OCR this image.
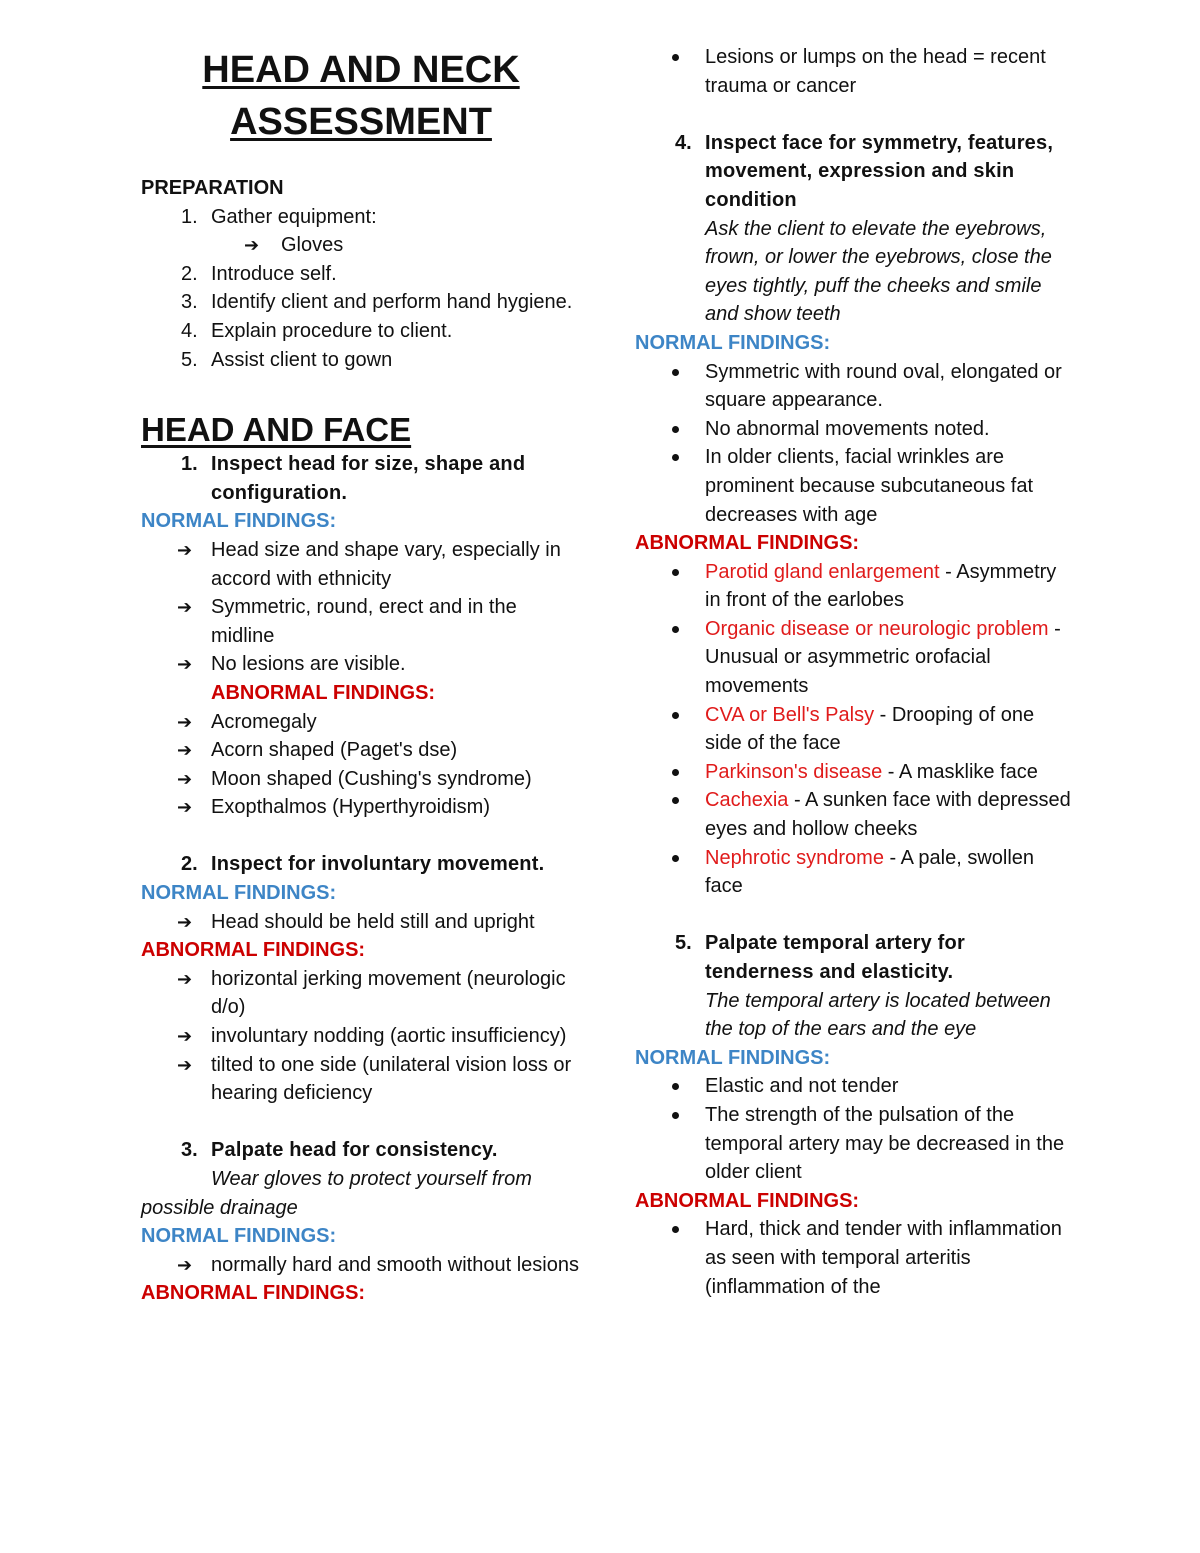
HEAD AND NECK
ASSESSMENT
PREPARATION
1. Gather equipment:
➔
Gloves
2. Introduce self.
3. Identify client and perform hand hygiene.
4. Explain procedure to client.
5. Assist client to gown
HEAD AND FACE
1. Inspect head for size, shape and configuration.
NORMAL FINDINGS:
➔
Head size and shape vary, especially in accord with ethnicity
➔
Symmetric, round, erect and in the midline
➔
No lesions are visible.
ABNORMAL FINDINGS:
➔
Acromegaly
➔
Acorn shaped (Paget's dse)
➔
Moon shaped (Cushing's syndrome)
➔
Exopthalmos (Hyperthyroidism)
2. Inspect for involuntary movement.
NORMAL FINDINGS:
➔
Head should be held still and upright
ABNORMAL FINDINGS:
➔
horizontal jerking movement (neurologic d/o)
➔
involuntary nodding (aortic insufficiency)
➔
tilted to one side (unilateral vision loss or hearing deficiency
3. Palpate head for consistency.
Wear gloves to protect yourself from possible drainage
NORMAL FINDINGS:
➔
normally hard and smooth without lesions
ABNORMAL FINDINGS:
Lesions or lumps on the head = recent trauma or cancer
4. Inspect face for symmetry, features, movement, expression and skin condition
Ask the client to elevate the eyebrows, frown, or lower the eyebrows, close the eyes tightly, puff the cheeks and smile and show teeth
NORMAL FINDINGS:
Symmetric with round oval, elongated or square appearance.
No abnormal movements noted.
In older clients, facial wrinkles are prominent because subcutaneous fat decreases with age
ABNORMAL FINDINGS:
Parotid gland enlargement - Asymmetry in front of the earlobes
Organic disease or neurologic problem - Unusual or asymmetric orofacial movements
CVA or Bell's Palsy - Drooping of one side of the face
Parkinson's disease - A masklike face
Cachexia - A sunken face with depressed eyes and hollow cheeks
Nephrotic syndrome - A pale, swollen face
5. Palpate temporal artery for tenderness and elasticity.
The temporal artery is located between the top of the ears and the eye
NORMAL FINDINGS:
Elastic and not tender
The strength of the pulsation of the temporal artery may be decreased in the older client
ABNORMAL FINDINGS:
Hard, thick and tender with inflammation as seen with temporal arteritis (inflammation of the
